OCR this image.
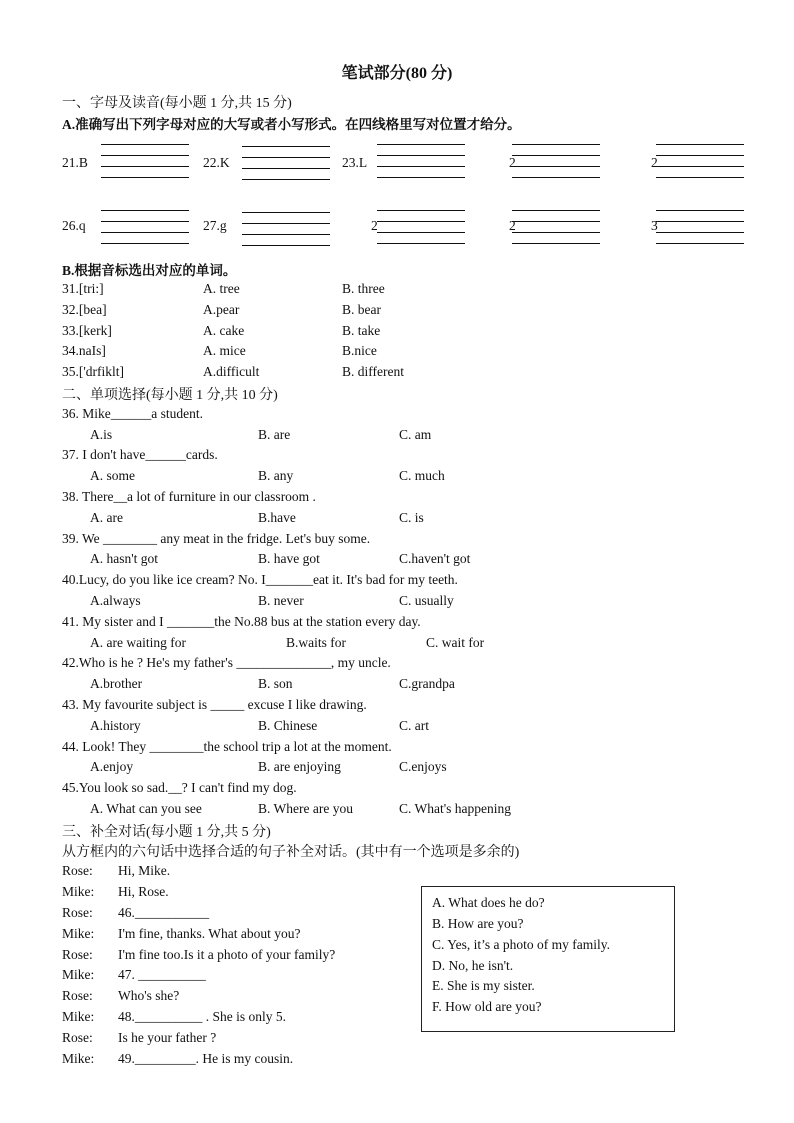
笔试部分(80 分)
一、字母及读音(每小题 1 分,共 15 分)
A.准确写出下列字母对应的大写或者小写形式。在四线格里写对位置才给分。
21.B	22.K	23.L	2	2
26.q	27.g	2	2	3
B.根据音标选出对应的单词。
31.[tri:]	A. tree	B. three
32.[bea]	A.pear	B. bear
33.[kerk]	A. cake	B. take
34.naIs]	A. mice	B.nice
35.['drfiklt]	A.difficult	B. different
二、单项选择(每小题 1 分,共 10 分)
36. Mike______a student.
A.is	B. are	C. am
37. I don't have______cards.
A. some	B. any	C. much
38. There__a lot of furniture in our classroom .
A. are	B.have	C. is
39. We ________ any meat in the fridge. Let's buy some.
A. hasn't got	B. have got	C.haven't got
40.Lucy, do you like ice cream? No. I_______eat it. It's bad for my teeth.
A.always	B. never	C. usually
41. My sister and I _______the No.88 bus at the station every day.
A. are waiting for	B.waits for	C. wait for
42.Who is he ? He's my father's ______________, my uncle.
A.brother	B. son	C.grandpa
43. My favourite subject is _____ excuse I like drawing.
A.history	B. Chinese	C. art
44. Look! They ________the school trip a lot at the moment.
A.enjoy	B. are enjoying	C.enjoys
45.You look so sad.__? I can't find my dog.
A. What can you see	B. Where are you	C. What's happening
三、补全对话(每小题 1 分,共 5 分)
从方框内的六句话中选择合适的句子补全对话。(其中有一个选项是多余的)
Rose: Hi, Mike.
Mike: Hi, Rose.
Rose: 46.___________
Mike: I'm fine, thanks. What about you?
Rose: I'm fine too.Is it a photo of your family?
Mike: 47. __________
Rose: Who's she?
Mike: 48.__________ . She is only 5.
Rose: Is he your father ?
Mike: 49._________. He is my cousin.
A. What does he do?
B. How are you?
C. Yes, it’s a photo of my family.
D. No, he isn't.
E. She is my sister.
F. How old are you?
